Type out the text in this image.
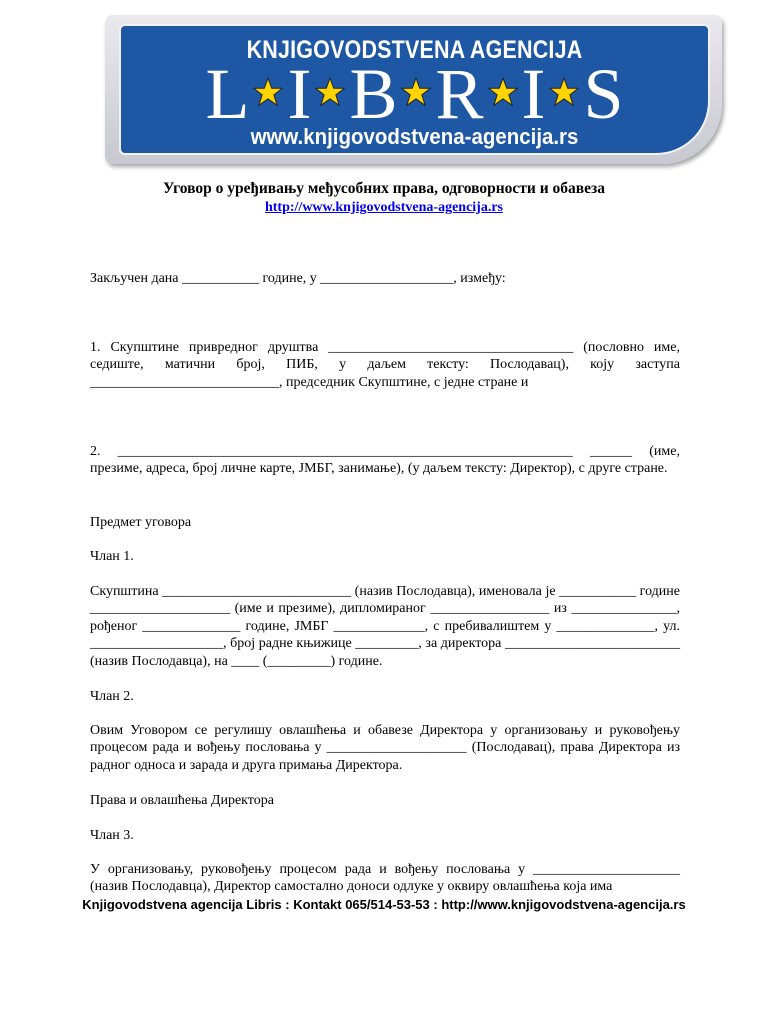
KNJIGOVODSTVENA AGENCIJA
L I B R I S
www.knjigovodstvena-agencija.rs
Уговор о уређивању међусобних права, одговорности и обавеза
http://www.knjigovodstvena-agencija.rs
Закључен дана ___________ године, у ___________________, између:
1. Скупштине привредног друштва ___________________________________ (пословно име, седиште, матични број, ПИБ, у даљем тексту: Послодавац), коју заступа ___________________________, председник Скупштине, с једне стране и
2. _________________________________________________________________ ______ (име, презиме, адреса, број личне карте, ЈМБГ, занимање), (у даљем тексту: Директор), с друге стране.
Предмет уговора
Члан 1.
Скупштина ___________________________ (назив Послодавца), именовала је ___________ године ____________________ (име и презиме), дипломираног _________________ из _______________, рођеног ______________ године, ЈМБГ _____________, с пребивалиштем у ______________, ул. ___________________, број радне књижице _________, за директора _________________________ (назив Послодавца), на ____ (_________) године.
Члан 2.
Овим Уговором се регулишу овлашћења и обавезе Директора у организовању и руковођењу процесом рада и вођењу пословања у ____________________ (Послодавац), права Директора из радног односа и зарада и друга примања Директора.
Права и овлашћења Директора
Члан 3.
У организовању, руковођењу процесом рада и вођењу пословања у _____________________ (назив Послодавца), Директор самостално доноси одлуке у оквиру овлашћења која има
Knjigovodstvena agencija Libris : Kontakt 065/514-53-53 : http://www.knjigovodstvena-agencija.rs
